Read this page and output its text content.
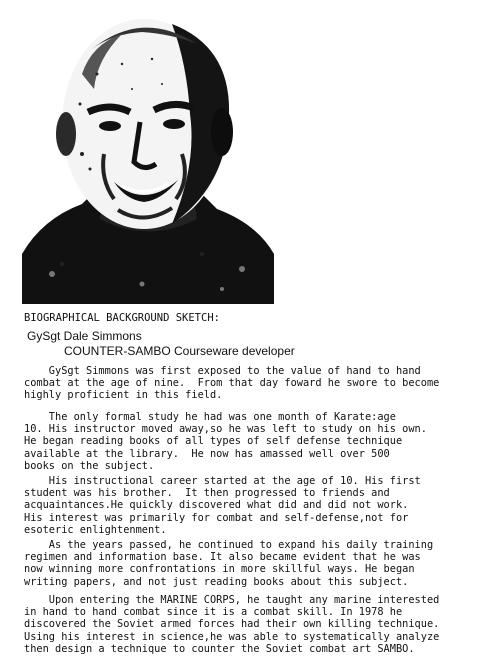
BIOGRAPHICAL BACKGROUND SKETCH:
GySgt Dale Simmons
COUNTER-SAMBO Courseware developer

GySgt Simmons was first exposed to the value of hand to hand
combat at the age of nine.  From that day foward he swore to become
highly proficient in this field.

The only formal study he had was one month of Karate:age
10. His instructor moved away,so he was left to study on his own.
He began reading books of all types of self defense technique
available at the library.  He now has amassed well over 500
books on the subject.

His instructional career started at the age of 10. His first
student was his brother.  It then progressed to friends and
acquaintances.He quickly discovered what did and did not work.
His interest was primarily for combat and self-defense,not for
esoteric enlightenment.

As the years passed, he continued to expand his daily training
regimen and information base. It also became evident that he was
now winning more confrontations in more skillful ways. He began
writing papers, and not just reading books about this subject.

Upon entering the MARINE CORPS, he taught any marine interested
in hand to hand combat since it is a combat skill. In 1978 he
discovered the Soviet armed forces had their own killing technique.
Using his interest in science,he was able to systematically analyze
then design a technique to counter the Soviet combat art SAMBO.
